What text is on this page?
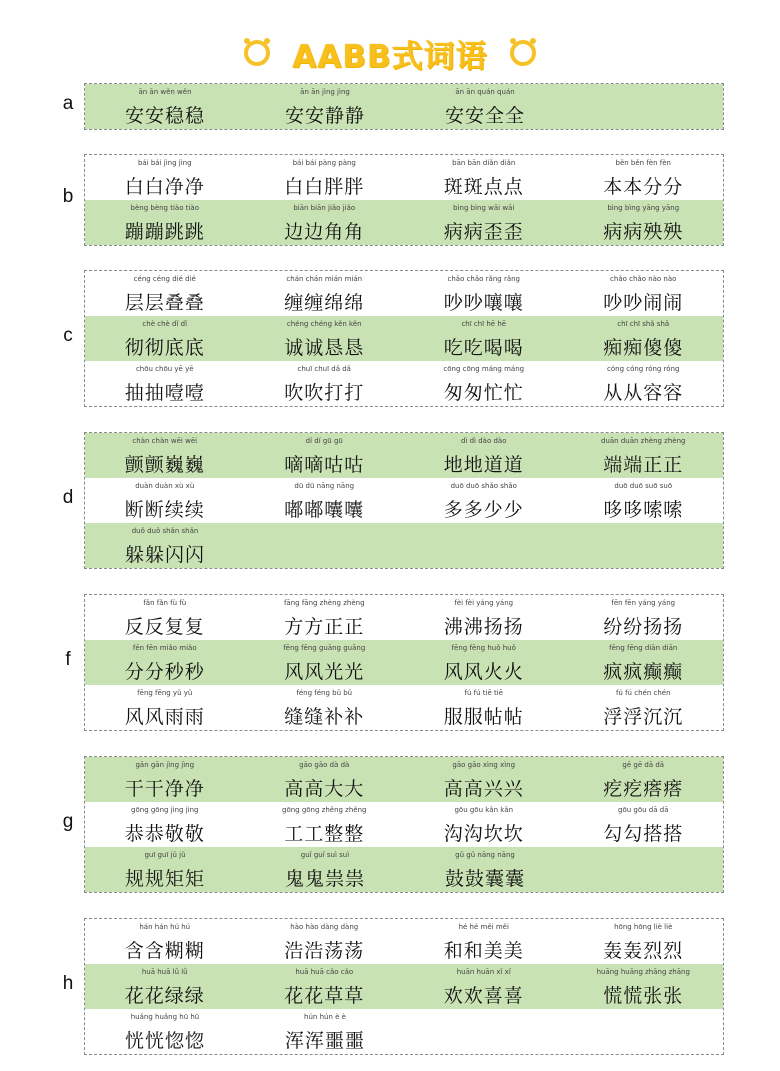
AABB式词语
a
ān ān wěn wěn
安安稳稳
ān ān jìng jìng
安安静静
ān ān quán quán
安安全全
b
bái bái jìng jìng
白白净净
bái bái pàng pàng
白白胖胖
bān bān diǎn diǎn
斑斑点点
běn běn fèn fèn
本本分分
bèng bèng tiào tiào
蹦蹦跳跳
biān biān jiǎo jiǎo
边边角角
bìng bìng wāi wāi
病病歪歪
bìng bìng yāng yāng
病病殃殃
c
céng céng dié dié
层层叠叠
chán chán mián mián
缠缠绵绵
chǎo chǎo rǎng rǎng
吵吵嚷嚷
chǎo chǎo nào nào
吵吵闹闹
chè chè dǐ dǐ
彻彻底底
chéng chéng kěn kěn
诚诚恳恳
chī chī hē hē
吃吃喝喝
chī chī shǎ shǎ
痴痴傻傻
chōu chōu yē yē
抽抽噎噎
chuī chuī dǎ dǎ
吹吹打打
cōng cōng máng máng
匆匆忙忙
cóng cóng róng róng
从从容容
d
chàn chàn wēi wēi
颤颤巍巍
dí dí gū gū
嘀嘀咕咕
dì dì dào dào
地地道道
duān duān zhèng zhèng
端端正正
duàn duàn xù xù
断断续续
dū dū nāng nāng
嘟嘟囔囔
duō duō shǎo shǎo
多多少少
duō duō suō suō
哆哆嗦嗦
duǒ duǒ shǎn shǎn
躲躲闪闪
f
fǎn fǎn fù fù
反反复复
fāng fāng zhèng zhèng
方方正正
fèi fèi yáng yáng
沸沸扬扬
fēn fēn yáng yáng
纷纷扬扬
fēn fēn miǎo miǎo
分分秒秒
fēng fēng guāng guāng
风风光光
fēng fēng huǒ huǒ
风风火火
fēng fēng diān diān
疯疯癫癫
fēng fēng yǔ yǔ
风风雨雨
féng féng bǔ bǔ
缝缝补补
fú fú tiē tiē
服服帖帖
fú fú chén chén
浮浮沉沉
g
gān gān jìng jìng
干干净净
gāo gāo dà dà
高高大大
gāo gāo xìng xìng
高高兴兴
gē gē dā dā
疙疙瘩瘩
gōng gōng jìng jìng
恭恭敬敬
gōng gōng zhěng zhěng
工工整整
gōu gōu kǎn kǎn
沟沟坎坎
gōu gōu dā dā
勾勾搭搭
guī guī jǔ jǔ
规规矩矩
guǐ guǐ suì suì
鬼鬼祟祟
gǔ gǔ nāng nāng
鼓鼓囊囊
h
hán hán hú hú
含含糊糊
hào hào dàng dàng
浩浩荡荡
hé hé měi měi
和和美美
hōng hōng liè liè
轰轰烈烈
huā huā lǜ lǜ
花花绿绿
huā huā cǎo cǎo
花花草草
huān huān xǐ xǐ
欢欢喜喜
huāng huāng zhāng zhāng
慌慌张张
huǎng huǎng hū hū
恍恍惚惚
hún hún è è
浑浑噩噩
